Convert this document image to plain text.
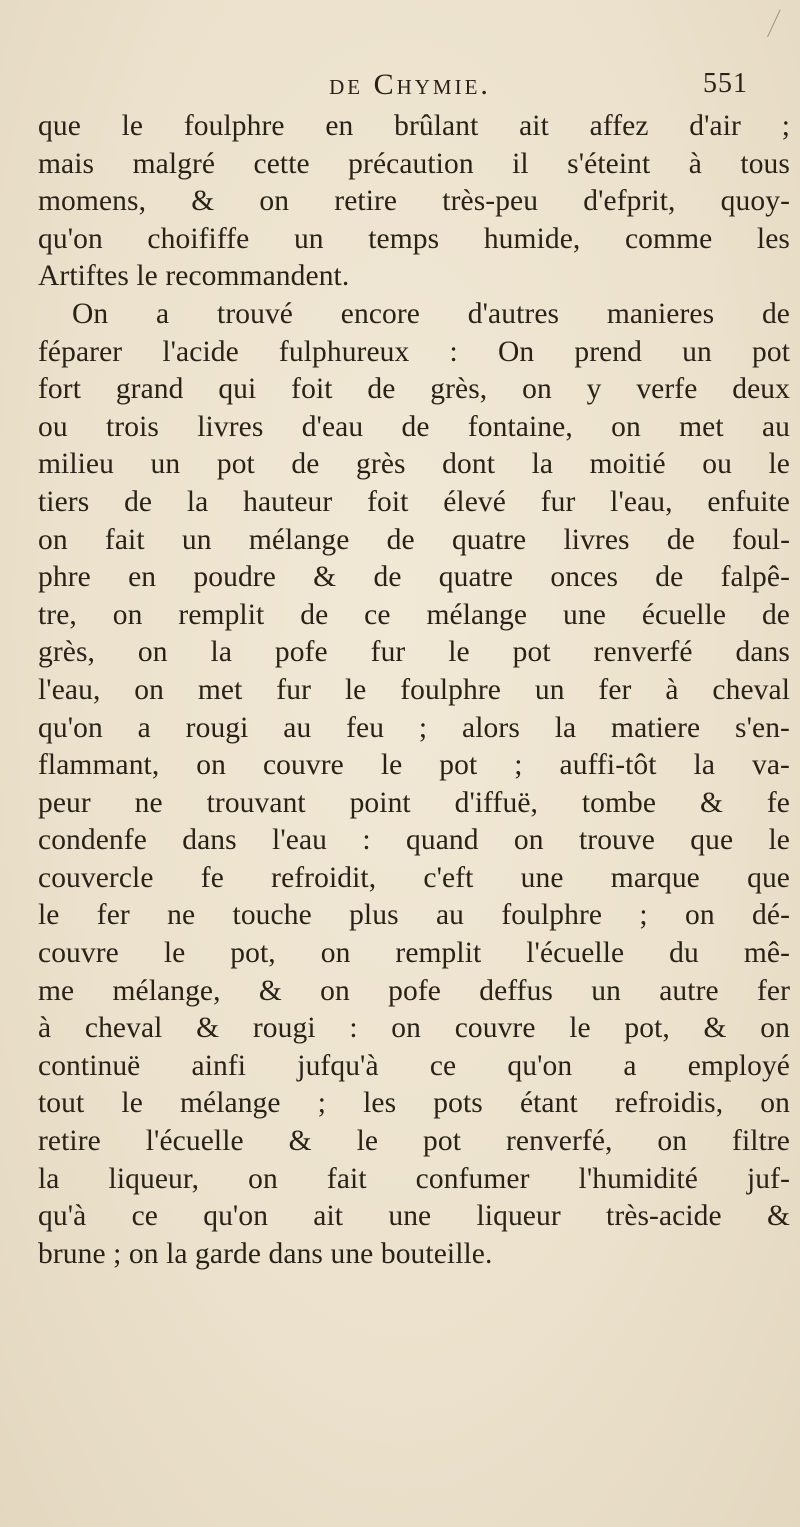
de Chymie.	551
que le foulphre en brûlant ait affez d'air ;
mais malgré cette précaution il s'éteint à tous
momens, & on retire très-peu d'efprit, quoy-
qu'on choififfe un temps humide, comme les
Artiftes le recommandent.
On a trouvé encore d'autres manieres de
féparer l'acide fulphureux : On prend un pot
fort grand qui foit de grès, on y verfe deux
ou trois livres d'eau de fontaine, on met au
milieu un pot de grès dont la moitié ou le
tiers de la hauteur foit élevé fur l'eau, enfuite
on fait un mélange de quatre livres de foul-
phre en poudre & de quatre onces de falpê-
tre, on remplit de ce mélange une écuelle de
grès, on la pofe fur le pot renverfé dans
l'eau, on met fur le foulphre un fer à cheval
qu'on a rougi au feu ; alors la matiere s'en-
flammant, on couvre le pot ; auffi-tôt la va-
peur ne trouvant point d'iffuë, tombe & fe
condenfe dans l'eau : quand on trouve que le
couvercle fe refroidit, c'eft une marque que
le fer ne touche plus au foulphre ; on dé-
couvre le pot, on remplit l'écuelle du mê-
me mélange, & on pofe deffus un autre fer
à cheval & rougi : on couvre le pot, & on
continuë ainfi jufqu'à ce qu'on a employé
tout le mélange ; les pots étant refroidis, on
retire l'écuelle & le pot renverfé, on filtre
la liqueur, on fait confumer l'humidité juf-
qu'à ce qu'on ait une liqueur très-acide &
brune ; on la garde dans une bouteille.
